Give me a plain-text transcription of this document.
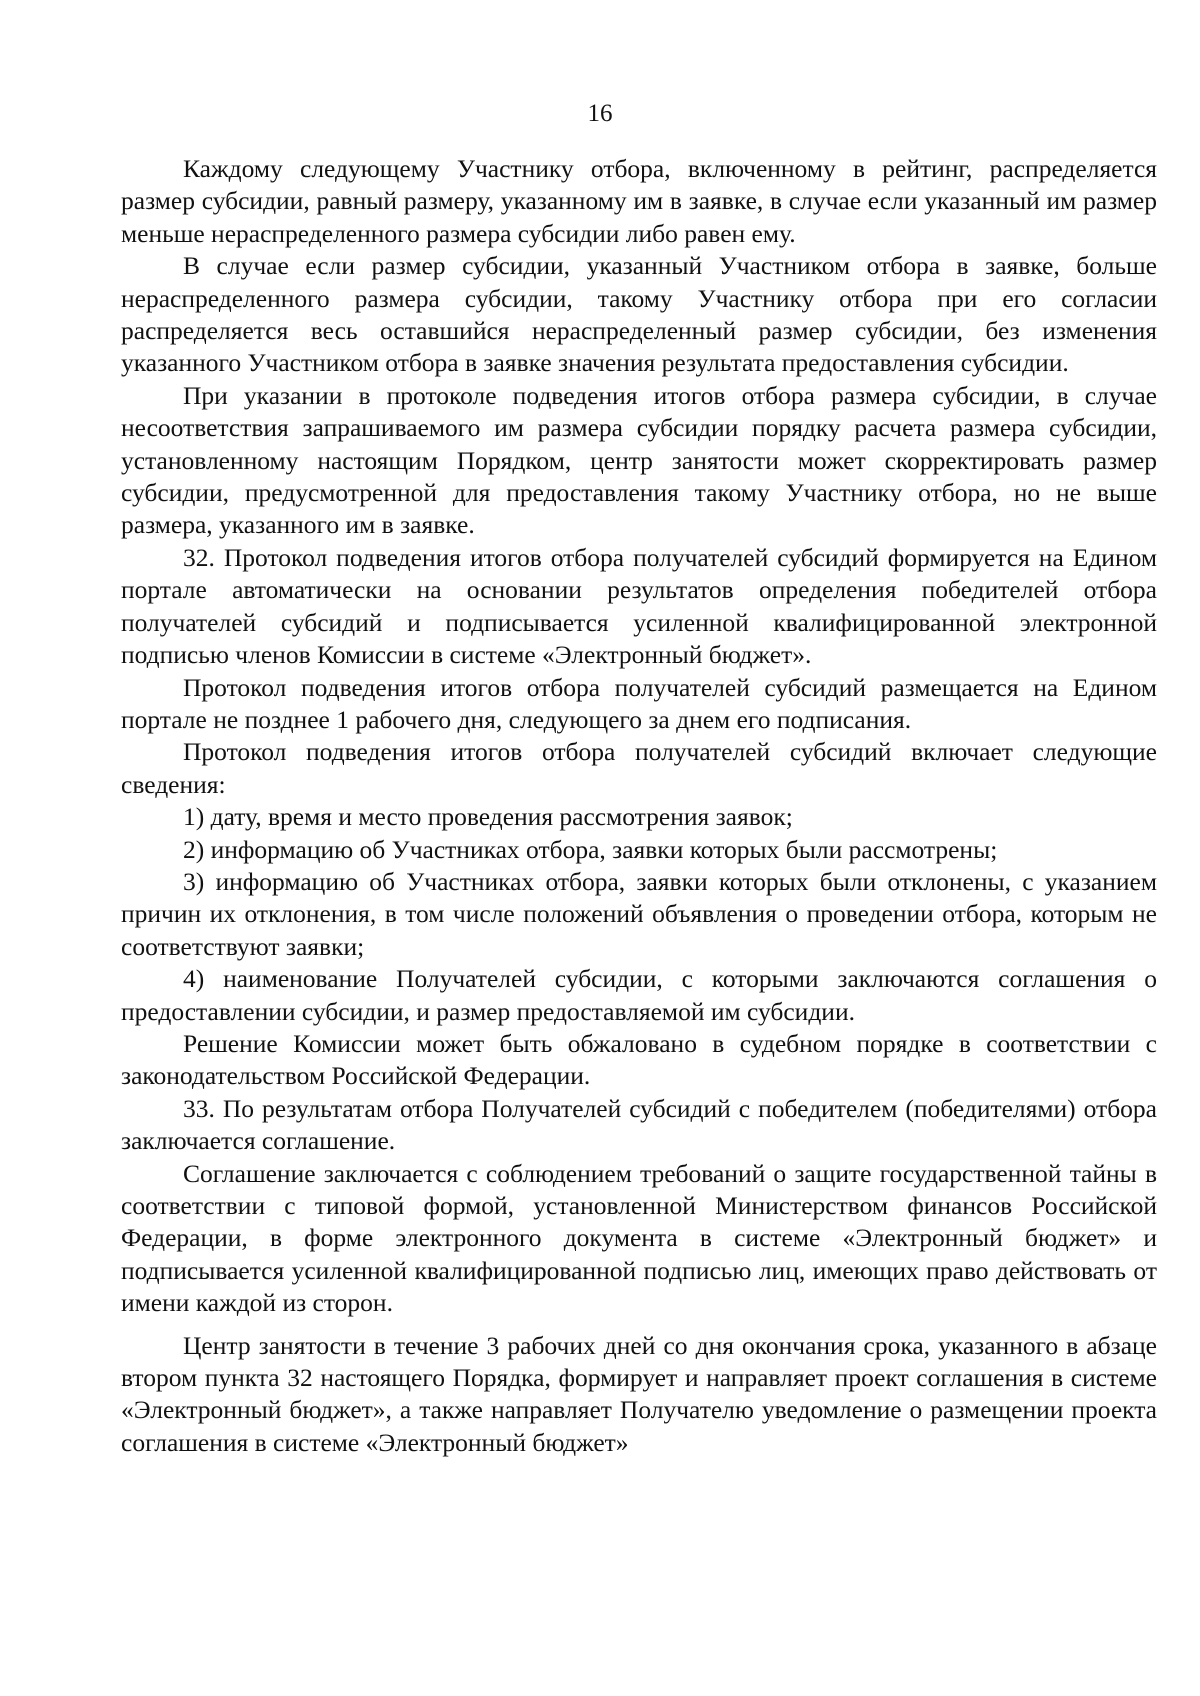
16

Каждому следующему Участнику отбора, включенному в рейтинг, распределяется размер субсидии, равный размеру, указанному им в заявке, в случае если указанный им размер меньше нераспределенного размера субсидии либо равен ему.

В случае если размер субсидии, указанный Участником отбора в заявке, больше нераспределенного размера субсидии, такому Участнику отбора при его согласии распределяется весь оставшийся нераспределенный размер субсидии, без изменения указанного Участником отбора в заявке значения результата предоставления субсидии.

При указании в протоколе подведения итогов отбора размера субсидии, в случае несоответствия запрашиваемого им размера субсидии порядку расчета размера субсидии, установленному настоящим Порядком, центр занятости может скорректировать размер субсидии, предусмотренной для предоставления такому Участнику отбора, но не выше размера, указанного им в заявке.

32. Протокол подведения итогов отбора получателей субсидий формируется на Едином портале автоматически на основании результатов определения победителей отбора получателей субсидий и подписывается усиленной квалифицированной электронной подписью членов Комиссии в системе «Электронный бюджет».

Протокол подведения итогов отбора получателей субсидий размещается на Едином портале не позднее 1 рабочего дня, следующего за днем его подписания.

Протокол подведения итогов отбора получателей субсидий включает следующие сведения:

1) дату, время и место проведения рассмотрения заявок;

2) информацию об Участниках отбора, заявки которых были рассмотрены;

3) информацию об Участниках отбора, заявки которых были отклонены, с указанием причин их отклонения, в том числе положений объявления о проведении отбора, которым не соответствуют заявки;

4) наименование Получателей субсидии, с которыми заключаются соглашения о предоставлении субсидии, и размер предоставляемой им субсидии.

Решение Комиссии может быть обжаловано в судебном порядке в соответствии с законодательством Российской Федерации.

33. По результатам отбора Получателей субсидий с победителем (победителями) отбора заключается соглашение.

Соглашение заключается с соблюдением требований о защите государственной тайны в соответствии с типовой формой, установленной Министерством финансов Российской Федерации, в форме электронного документа в системе «Электронный бюджет» и подписывается усиленной квалифицированной подписью лиц, имеющих право действовать от имени каждой из сторон.

Центр занятости в течение 3 рабочих дней со дня окончания срока, указанного в абзаце втором пункта 32 настоящего Порядка, формирует и направляет проект соглашения в системе «Электронный бюджет», а также направляет Получателю уведомление о размещении проекта соглашения в системе «Электронный бюджет»
